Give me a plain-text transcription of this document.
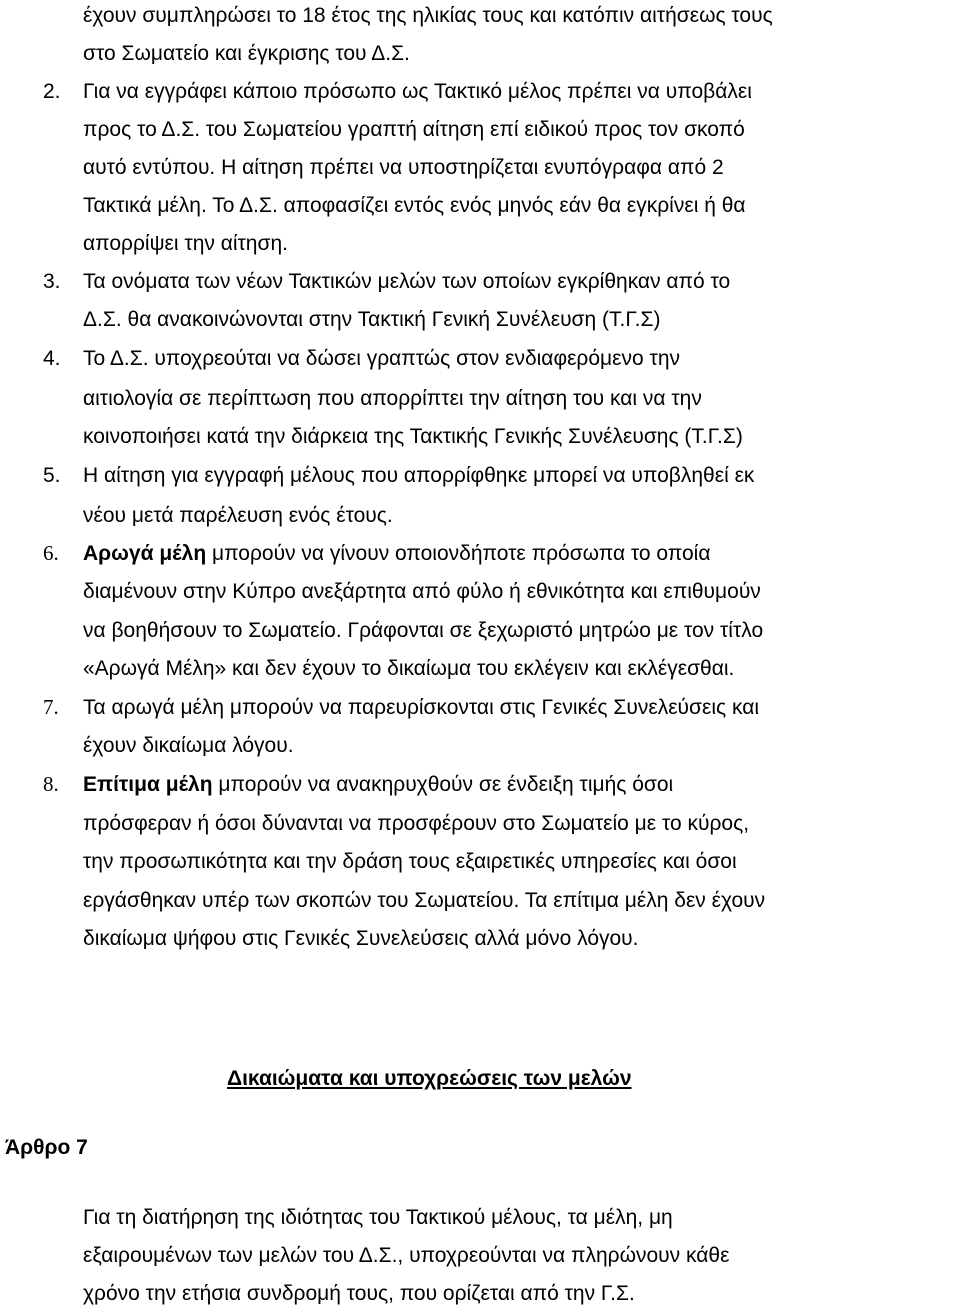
έχουν συμπληρώσει το 18 έτος της ηλικίας τους και κατόπιν αιτήσεως τους
στο Σωματείο και έγκρισης του Δ.Σ.
2. Για να εγγράφει κάποιο πρόσωπο ως Τακτικό μέλος πρέπει να υποβάλει
προς το Δ.Σ. του Σωματείου γραπτή αίτηση επί ειδικού προς τον σκοπό
αυτό εντύπου. Η αίτηση πρέπει να υποστηρίζεται ενυπόγραφα από 2
Τακτικά μέλη. Το Δ.Σ. αποφασίζει εντός ενός μηνός εάν θα εγκρίνει ή θα
απορρίψει την αίτηση.
3. Τα ονόματα των νέων Τακτικών μελών των οποίων εγκρίθηκαν από το
Δ.Σ. θα ανακοινώνονται στην Τακτική Γενική Συνέλευση (Τ.Γ.Σ)
4. Το Δ.Σ. υποχρεούται να δώσει γραπτώς στον ενδιαφερόμενο την
αιτιολογία σε περίπτωση που απορρίπτει την αίτηση του και να την
κοινοποιήσει κατά την διάρκεια της Τακτικής Γενικής Συνέλευσης (Τ.Γ.Σ)
5. Η αίτηση για εγγραφή μέλους που απορρίφθηκε μπορεί να υποβληθεί εκ
νέου μετά παρέλευση ενός έτους.
6. Αρωγά μέλη μπορούν να γίνουν οποιονδήποτε πρόσωπα το οποία
διαμένουν στην Κύπρο ανεξάρτητα από φύλο ή εθνικότητα και επιθυμούν
να βοηθήσουν το Σωματείο. Γράφονται σε ξεχωριστό μητρώο με τον τίτλο
«Αρωγά Μέλη» και δεν έχουν το δικαίωμα του εκλέγειν και εκλέγεσθαι.
7. Τα αρωγά μέλη μπορούν να παρευρίσκονται στις Γενικές Συνελεύσεις και
έχουν δικαίωμα λόγου.
8. Επίτιμα μέλη μπορούν να ανακηρυχθούν σε ένδειξη τιμής όσοι
πρόσφεραν ή όσοι δύνανται να προσφέρουν στο Σωματείο με το κύρος,
την προσωπικότητα και την δράση τους εξαιρετικές υπηρεσίες και όσοι
εργάσθηκαν υπέρ των σκοπών του Σωματείου. Τα επίτιμα μέλη δεν έχουν
δικαίωμα ψήφου στις Γενικές Συνελεύσεις αλλά μόνο λόγου.
Δικαιώματα και υποχρεώσεις των μελών
Άρθρο 7
Για τη διατήρηση της ιδιότητας του Τακτικού μέλους, τα μέλη, μη
εξαιρουμένων των μελών του Δ.Σ., υποχρεούνται να πληρώνουν κάθε
χρόνο την ετήσια συνδρομή τους, που ορίζεται από την Γ.Σ.
